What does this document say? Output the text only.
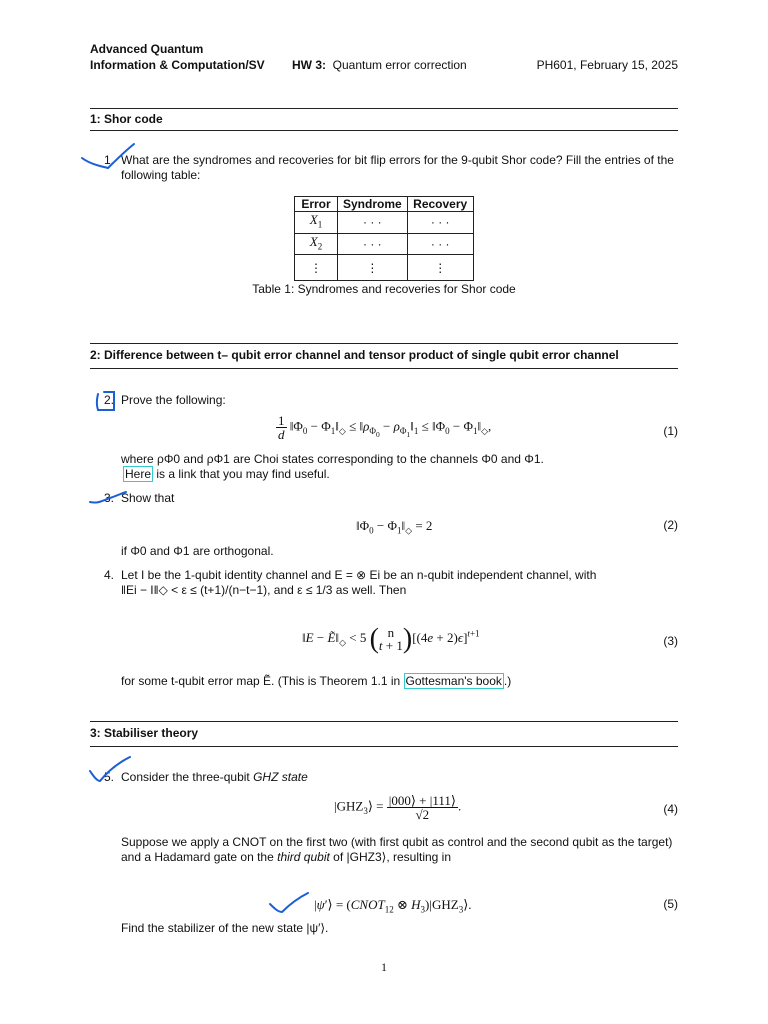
Advanced Quantum
Information & Computation/SV HW 3: Quantum error correction	PH601, February 15, 2025
1: Shor code
1. What are the syndromes and recoveries for bit flip errors for the 9-qubit Shor code? Fill the entries of the following table:
Error	Syndrome	Recovery
$X_1$	· · ·	· · ·
$X_2$	· · ·	· · ·
⋮	⋮	⋮
Table 1: Syndromes and recoveries for Shor code
2: Difference between t– qubit error channel and tensor product of single qubit error channel
2. Prove the following:
$\frac{1}{d}$ $‖\Phi_0$ − $\Phi_1‖_◇$ ≤ $‖\rho_{\Phi_0}$ − $\rho_{\Phi_1}‖_1$ ≤ $‖\Phi_0$ − $\Phi_1‖_◇$,	(1)
where ρΦ0 and ρΦ1 are Choi states corresponding to the channels Φ0 and Φ1.
Here is a link that you may find useful.
3. Show that
$‖\Phi_0$ − $\Phi_1‖_◇ = 2$	(2)
if Φ0 and Φ1 are orthogonal.
4. Let I be the 1-qubit identity channel and E = ⊗ Ei be an n-qubit independent channel, with
‖Ei − I‖◇ < ε ≤ (t+1)/(n−t−1), and ε ≤ 1/3 as well. Then
‖E − $Ẽ‖_◇ < 5$ ( n
t + 1 )$[(4e + 2)\epsilon]^{t+1}$
(3)
for some t-qubit error map Ẽ. (This is Theorem 1.1 in Gottesman's book .)
3: Stabiliser theory
5. Consider the three-qubit GHZ state
$|GHZ_3⟩ = \frac{|000⟩ + |111⟩}{√2}$ .	(4)
Suppose we apply a CNOT on the first two (with first qubit as control and the second qubit as the target) and a Hadamard gate on the third qubit of |GHZ3⟩, resulting in
|ψ′⟩ = ($CNOT_{12}$ ⊗ $H_3)|GHZ_3⟩$.	(5)
Find the stabilizer of the new state |ψ′⟩.
1
